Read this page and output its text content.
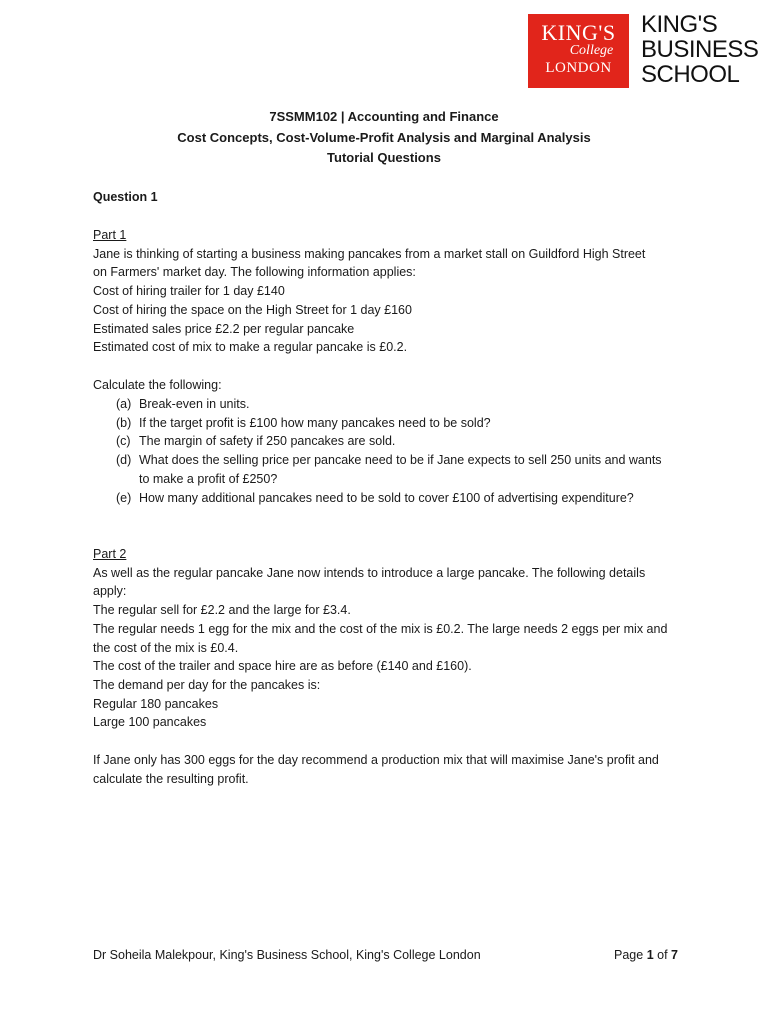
KING'S
College
LONDON
KING'S
BUSINESS
SCHOOL
7SSMM102 | Accounting and Finance
Cost Concepts, Cost-Volume-Profit Analysis and Marginal Analysis
Tutorial Questions
Question 1
Part 1
Jane is thinking of starting a business making pancakes from a market stall on Guildford High Street
on Farmers' market day. The following information applies:
Cost of hiring trailer for 1 day £140
Cost of hiring the space on the High Street for 1 day £160
Estimated sales price £2.2 per regular pancake
Estimated cost of mix to make a regular pancake is £0.2.
Calculate the following:
(a) Break-even in units.
(b) If the target profit is £100 how many pancakes need to be sold?
(c) The margin of safety if 250 pancakes are sold.
(d) What does the selling price per pancake need to be if Jane expects to sell 250 units and wants
to make a profit of £250?
(e) How many additional pancakes need to be sold to cover £100 of advertising expenditure?
Part 2
As well as the regular pancake Jane now intends to introduce a large pancake. The following details
apply:
The regular sell for £2.2 and the large for £3.4.
The regular needs 1 egg for the mix and the cost of the mix is £0.2. The large needs 2 eggs per mix and
the cost of the mix is £0.4.
The cost of the trailer and space hire are as before (£140 and £160).
The demand per day for the pancakes is:
Regular 180 pancakes
Large 100 pancakes
If Jane only has 300 eggs for the day recommend a production mix that will maximise Jane's profit and
calculate the resulting profit.
Dr Soheila Malekpour, King's Business School, King's College London	Page 1 of 7
